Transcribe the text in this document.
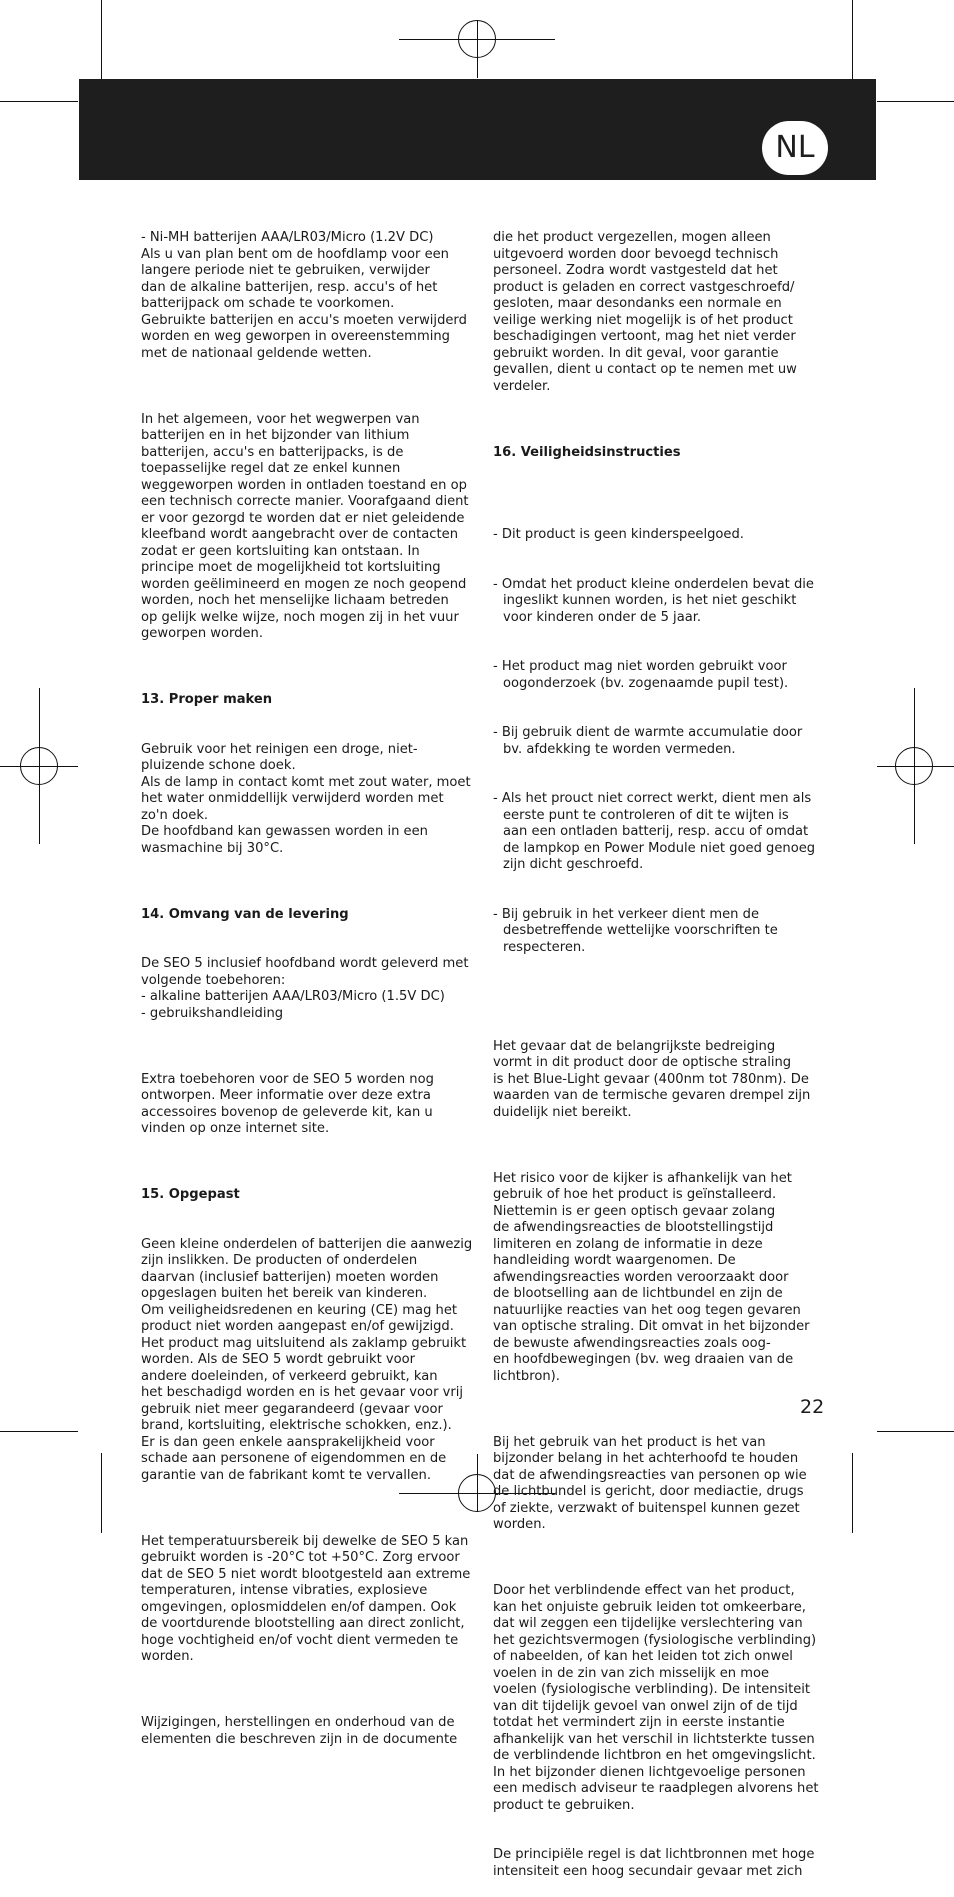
NL

- Ni-MH batterijen AAA/LR03/Micro (1.2V DC)
Als u van plan bent om de hoofdlamp voor een
langere periode niet te gebruiken, verwijder
dan de alkaline batterijen, resp. accu's of het
batterijpack om schade te voorkomen.
Gebruikte batterijen en accu's moeten verwijderd
worden en weg geworpen in overeenstemming
met de nationaal geldende wetten.

In het algemeen, voor het wegwerpen van
batterijen en in het bijzonder van lithium
batterijen, accu's en batterijpacks, is de
toepasselijke regel dat ze enkel kunnen
weggeworpen worden in ontladen toestand en op
een technisch correcte manier. Voorafgaand dient
er voor gezorgd te worden dat er niet geleidende
kleefband wordt aangebracht over de contacten
zodat er geen kortsluiting kan ontstaan. In
principe moet de mogelijkheid tot kortsluiting
worden geëlimineerd en mogen ze noch geopend
worden, noch het menselijke lichaam betreden
op gelijk welke wijze, noch mogen zij in het vuur
geworpen worden.

13. Proper maken

Gebruik voor het reinigen een droge, niet-
pluizende schone doek.
Als de lamp in contact komt met zout water, moet
het water onmiddellijk verwijderd worden met
zo'n doek.
De hoofdband kan gewassen worden in een
wasmachine bij 30°C.

14. Omvang van de levering

De SEO 5 inclusief hoofdband wordt geleverd met
volgende toebehoren:
- alkaline batterijen AAA/LR03/Micro (1.5V DC)
- gebruikshandleiding

Extra toebehoren voor de SEO 5 worden nog
ontworpen. Meer informatie over deze extra
accessoires bovenop de geleverde kit, kan u
vinden op onze internet site.

15. Opgepast

Geen kleine onderdelen of batterijen die aanwezig
zijn inslikken. De producten of onderdelen
daarvan (inclusief batterijen) moeten worden
opgeslagen buiten het bereik van kinderen.
Om veiligheidsredenen en keuring (CE) mag het
product niet worden aangepast en/of gewijzigd.
Het product mag uitsluitend als zaklamp gebruikt
worden. Als de SEO 5 wordt gebruikt voor
andere doeleinden, of verkeerd gebruikt, kan
het beschadigd worden en is het gevaar voor vrij
gebruik niet meer gegarandeerd (gevaar voor
brand, kortsluiting, elektrische schokken, enz.).
Er is dan geen enkele aansprakelijkheid voor
schade aan personene of eigendommen en de
garantie van de fabrikant komt te vervallen.

Het temperatuursbereik bij dewelke de SEO 5 kan
gebruikt worden is -20°C tot +50°C. Zorg ervoor
dat de SEO 5 niet wordt blootgesteld aan extreme
temperaturen, intense vibraties, explosieve
omgevingen, oplosmiddelen en/of dampen. Ook
de voortdurende blootstelling aan direct zonlicht,
hoge vochtigheid en/of vocht dient vermeden te
worden.

Wijzigingen, herstellingen en onderhoud van de
elementen die beschreven zijn in de documente

die het product vergezellen, mogen alleen
uitgevoerd worden door bevoegd technisch
personeel. Zodra wordt vastgesteld dat het
product is geladen en correct vastgeschroefd/
gesloten, maar desondanks een normale en
veilige werking niet mogelijk is of het product
beschadigingen vertoont, mag het niet verder
gebruikt worden. In dit geval, voor garantie
gevallen, dient u contact op te nemen met uw
verdeler.

16. Veiligheidsinstructies

- Dit product is geen kinderspeelgoed.

- Omdat het product kleine onderdelen bevat die
ingeslikt kunnen worden, is het niet geschikt
voor kinderen onder de 5 jaar.

- Het product mag niet worden gebruikt voor
oogonderzoek (bv. zogenaamde pupil test).

- Bij gebruik dient de warmte accumulatie door
bv. afdekking te worden vermeden.

- Als het prouct niet correct werkt, dient men als
eerste punt te controleren of dit te wijten is
aan een ontladen batterij, resp. accu of omdat
de lampkop en Power Module niet goed genoeg
zijn dicht geschroefd.

- Bij gebruik in het verkeer dient men de
desbetreffende wettelijke voorschriften te
respecteren.

Het gevaar dat de belangrijkste bedreiging
vormt in dit product door de optische straling
is het Blue-Light gevaar (400nm tot 780nm). De
waarden van de termische gevaren drempel zijn
duidelijk niet bereikt.

Het risico voor de kijker is afhankelijk van het
gebruik of hoe het product is geïnstalleerd.
Niettemin is er geen optisch gevaar zolang
de afwendingsreacties de blootstellingstijd
limiteren en zolang de informatie in deze
handleiding wordt waargenomen. De
afwendingsreacties worden veroorzaakt door
de blootselling aan de lichtbundel en zijn de
natuurlijke reacties van het oog tegen gevaren
van optische straling. Dit omvat in het bijzonder
de bewuste afwendingsreacties zoals oog-
en hoofdbewegingen (bv. weg draaien van de
lichtbron).

Bij het gebruik van het product is het van
bijzonder belang in het achterhoofd te houden
dat de afwendingsreacties van personen op wie
de lichtbundel is gericht, door mediactie, drugs
of ziekte, verzwakt of buitenspel kunnen gezet
worden.

Door het verblindende effect van het product,
kan het onjuiste gebruik leiden tot omkeerbare,
dat wil zeggen een tijdelijke verslechtering van
het gezichtsvermogen (fysiologische verblinding)
of nabeelden, of kan het leiden tot zich onwel
voelen in de zin van zich misselijk en moe
voelen (fysiologische verblinding). De intensiteit
van dit tijdelijk gevoel van onwel zijn of de tijd
totdat het vermindert zijn in eerste instantie
afhankelijk van het verschil in lichtsterkte tussen
de verblindende lichtbron en het omgevingslicht.
In het bijzonder dienen lichtgevoelige personen
een medisch adviseur te raadplegen alvorens het
product te gebruiken.

De principiële regel is dat lichtbronnen met hoge
intensiteit een hoog secundair gevaar met zich

22
